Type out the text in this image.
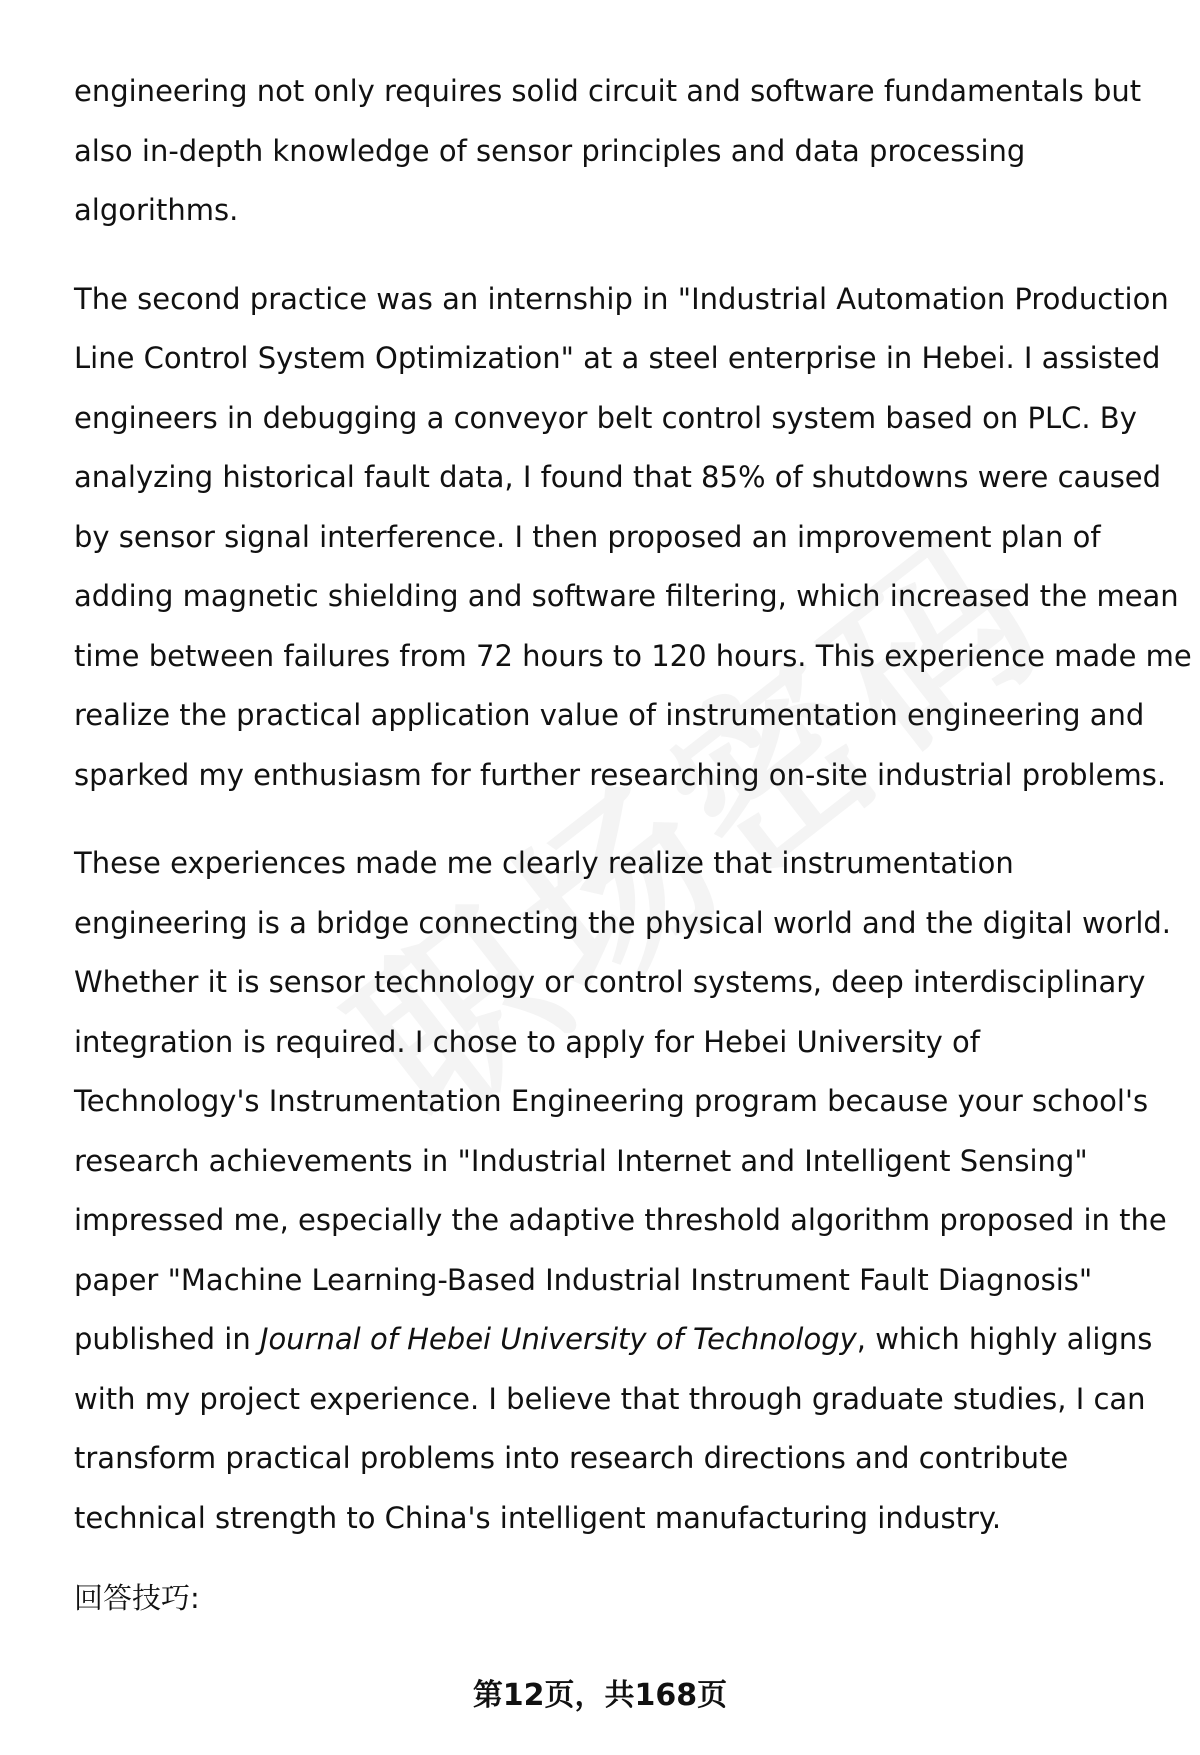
engineering not only requires solid circuit and software fundamentals but
also in-depth knowledge of sensor principles and data processing
algorithms.

The second practice was an internship in "Industrial Automation Production
Line Control System Optimization" at a steel enterprise in Hebei. I assisted
engineers in debugging a conveyor belt control system based on PLC. By
analyzing historical fault data, I found that 85% of shutdowns were caused
by sensor signal interference. I then proposed an improvement plan of
adding magnetic shielding and software filtering, which increased the mean
time between failures from 72 hours to 120 hours. This experience made me
realize the practical application value of instrumentation engineering and
sparked my enthusiasm for further researching on-site industrial problems.

These experiences made me clearly realize that instrumentation
engineering is a bridge connecting the physical world and the digital world.
Whether it is sensor technology or control systems, deep interdisciplinary
integration is required. I chose to apply for Hebei University of
Technology's Instrumentation Engineering program because your school's
research achievements in "Industrial Internet and Intelligent Sensing"
impressed me, especially the adaptive threshold algorithm proposed in the
paper "Machine Learning-Based Industrial Instrument Fault Diagnosis"
published in Journal of Hebei University of Technology, which highly aligns
with my project experience. I believe that through graduate studies, I can
transform practical problems into research directions and contribute
technical strength to China's intelligent manufacturing industry.

回答技巧:

第12页，共168页
